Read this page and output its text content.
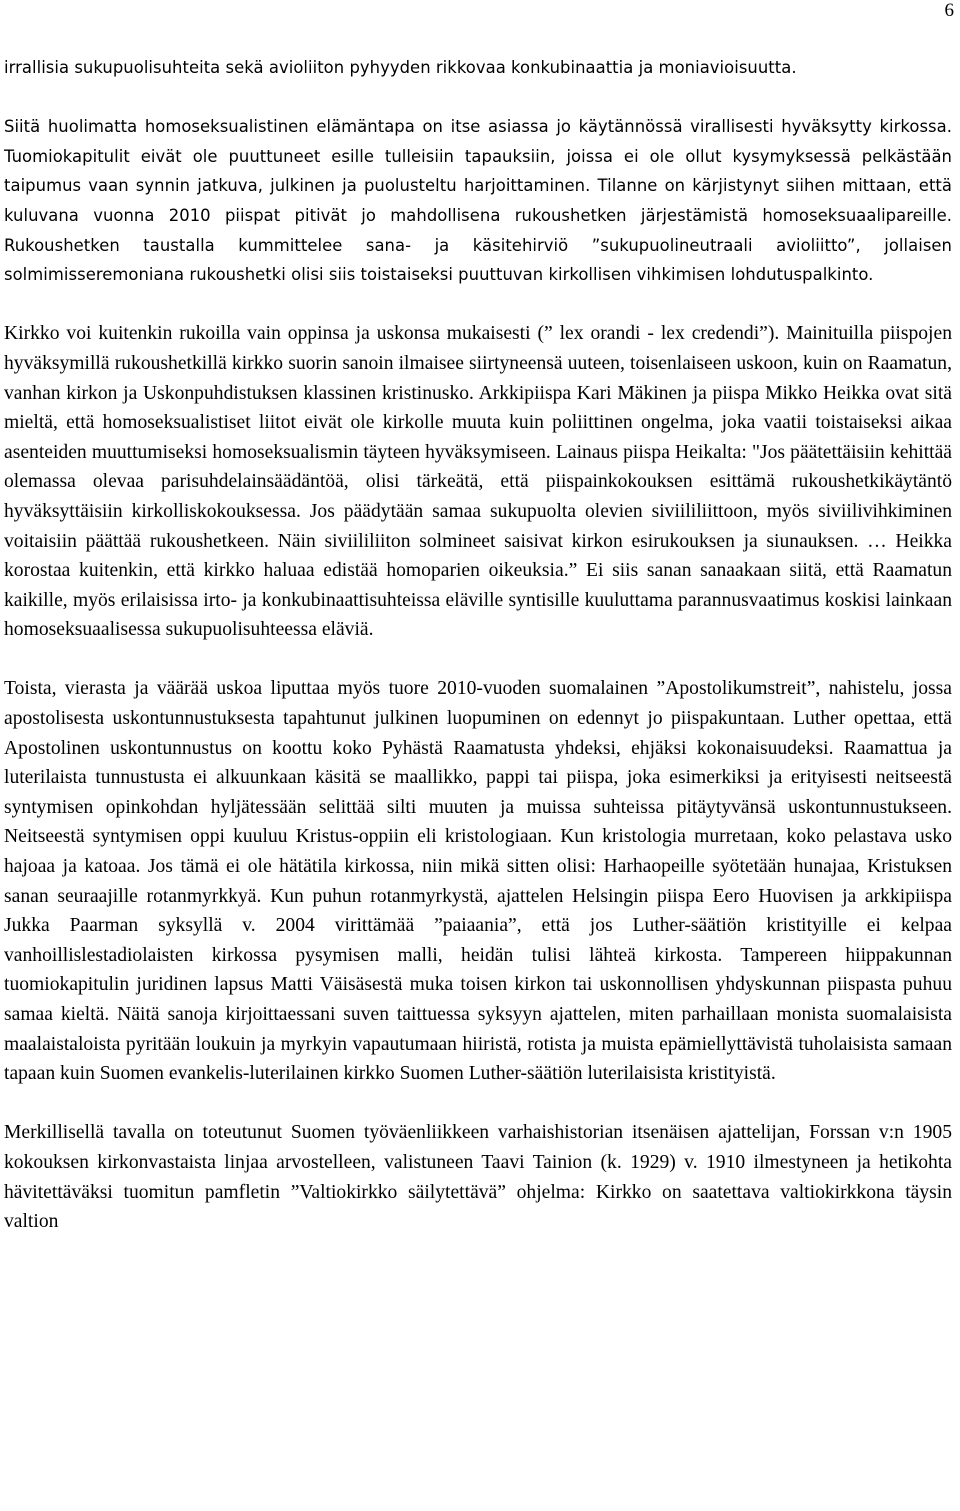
6

irrallisia sukupuolisuhteita sekä avioliiton pyhyyden rikkovaa konkubinaattia ja moniavioisuutta.

Siitä huolimatta homoseksualistinen elämäntapa on itse asiassa jo käytännössä virallisesti hyväksytty kirkossa. Tuomiokapitulit eivät ole puuttuneet esille tulleisiin tapauksiin, joissa ei ole ollut kysymyksessä pelkästään taipumus vaan synnin jatkuva, julkinen ja puolusteltu harjoittaminen. Tilanne on kärjistynyt siihen mittaan, että kuluvana vuonna 2010 piispat pitivät jo mahdollisena rukoushetken järjestämistä homoseksuaalipareille. Rukoushetken taustalla kummittelee sana- ja käsitehirviö ”sukupuolineutraali avioliitto”, jollaisen solmimisseremoniana rukoushetki olisi siis toistaiseksi puuttuvan kirkollisen vihkimisen lohdutuspalkinto.

Kirkko voi kuitenkin rukoilla vain oppinsa ja uskonsa mukaisesti (” lex orandi - lex credendi”). Mainituilla piispojen hyväksymillä rukoushetkillä kirkko suorin sanoin ilmaisee siirtyneensä uuteen, toisenlaiseen uskoon, kuin on Raamatun, vanhan kirkon ja Uskonpuhdistuksen klassinen kristinusko. Arkkipiispa Kari Mäkinen ja piispa Mikko Heikka ovat sitä mieltä, että homoseksualistiset liitot eivät ole kirkolle muuta kuin poliittinen ongelma, joka vaatii toistaiseksi aikaa asenteiden muuttumiseksi homoseksualismin täyteen hyväksymiseen. Lainaus piispa Heikalta: "Jos päätettäisiin kehittää olemassa olevaa parisuhdelainsäädäntöä, olisi tärkeätä, että piispainkokouksen esittämä rukoushetkikäytäntö hyväksyttäisiin kirkolliskokouksessa. Jos päädytään samaa sukupuolta olevien siviililiittoon, myös siviilivihkiminen voitaisiin päättää rukoushetkeen. Näin siviililiiton solmineet saisivat kirkon esirukouksen ja siunauksen. … Heikka korostaa kuitenkin, että kirkko haluaa edistää homoparien oikeuksia.” Ei siis sanan sanaakaan siitä, että Raamatun kaikille, myös erilaisissa irto- ja konkubinaattisuhteissa eläville syntisille kuuluttama parannusvaatimus koskisi lainkaan homoseksuaalisessa sukupuolisuhteessa eläviä.

Toista, vierasta ja väärää uskoa liputtaa myös tuore 2010-vuoden suomalainen ”Apostolikumstreit”, nahistelu, jossa apostolisesta uskontunnustuksesta tapahtunut julkinen luopuminen on edennyt jo piispakuntaan. Luther opettaa, että Apostolinen uskontunnustus on koottu koko Pyhästä Raamatusta yhdeksi, ehjäksi kokonaisuudeksi. Raamattua ja luterilaista tunnustusta ei alkuunkaan käsitä se maallikko, pappi tai piispa, joka esimerkiksi ja erityisesti neitseestä syntymisen opinkohdan hyljätessään selittää silti muuten ja muissa suhteissa pitäytyvänsä uskontunnustukseen. Neitseestä syntymisen oppi kuuluu Kristus-oppiin eli kristologiaan. Kun kristologia murretaan, koko pelastava usko hajoaa ja katoaa. Jos tämä ei ole hätätila kirkossa, niin mikä sitten olisi: Harhaopeille syötetään hunajaa, Kristuksen sanan seuraajille rotanmyrkkyä. Kun puhun rotanmyrkystä, ajattelen Helsingin piispa Eero Huovisen ja arkkipiispa Jukka Paarman syksyllä v. 2004 virittämää ”paiaania”, että jos Luther-säätiön kristityille ei kelpaa vanhoillislestadiolaisten kirkossa pysymisen malli, heidän tulisi lähteä kirkosta. Tampereen hiippakunnan tuomiokapitulin juridinen lapsus Matti Väisäsestä muka toisen kirkon tai uskonnollisen yhdyskunnan piispasta puhuu samaa kieltä. Näitä sanoja kirjoittaessani suven taittuessa syksyyn ajattelen, miten parhaillaan monista suomalaisista maalaistaloista pyritään loukuin ja myrkyin vapautumaan hiiristä, rotista ja muista epämiellyttävistä tuholaisista samaan tapaan kuin Suomen evankelis-luterilainen kirkko Suomen Luther-säätiön luterilaisista kristityistä.

Merkillisellä tavalla on toteutunut Suomen työväenliikkeen varhaishistorian itsenäisen ajattelijan, Forssan v:n 1905 kokouksen kirkonvastaista linjaa arvostelleen, valistuneen Taavi Tainion (k. 1929) v. 1910 ilmestyneen ja hetikohta hävitettäväksi tuomitun pamfletin ”Valtiokirkko säilytettävä” ohjelma: Kirkko on saatettava valtiokirkkona täysin valtion
